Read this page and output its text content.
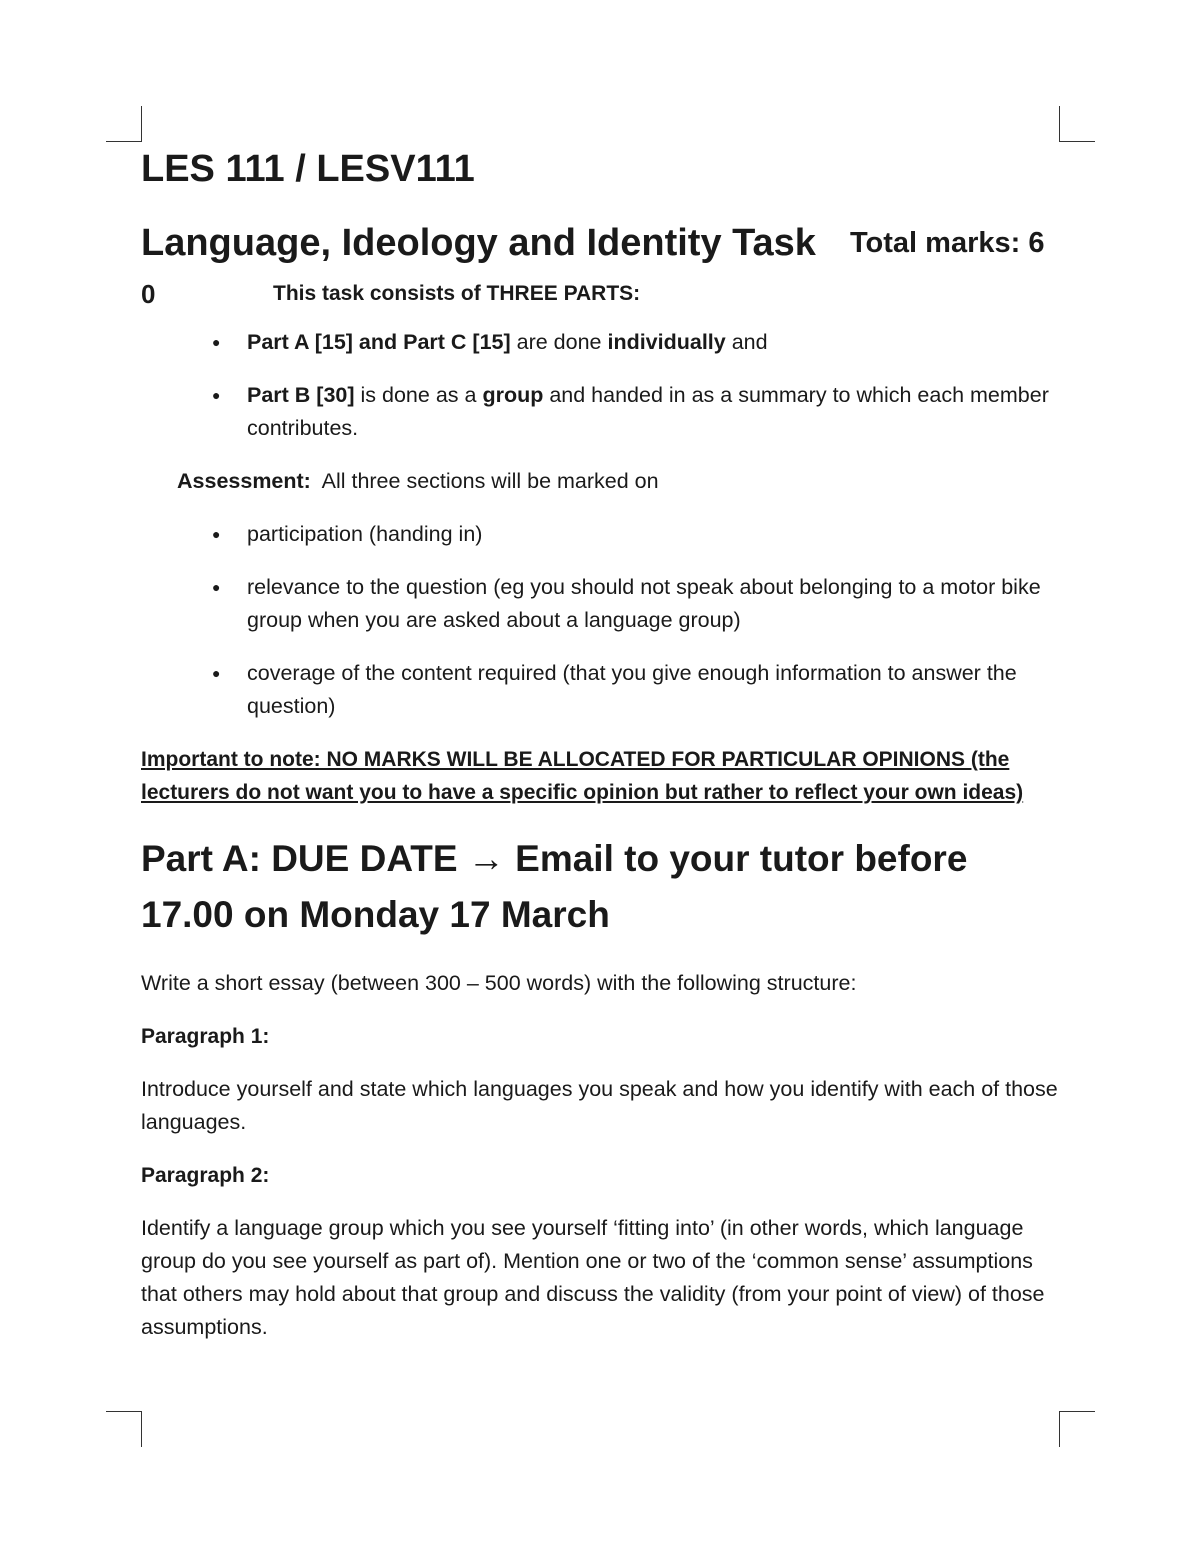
LES 111 / LESV111
Language, Ideology and Identity Task Total marks: 6
0	This task consists of THREE PARTS:
● Part A [15] and Part C [15] are done individually and
● Part B [30] is done as a group and handed in as a summary to which each member contributes.
Assessment:  All three sections will be marked on
● participation (handing in)
● relevance to the question (eg you should not speak about belonging to a motor bike group when you are asked about a language group)
● coverage of the content required (that you give enough information to answer the question)
Important to note: NO MARKS WILL BE ALLOCATED FOR PARTICULAR OPINIONS (the lecturers do not want you to have a specific opinion but rather to reflect your own ideas)
Part A: DUE DATE → Email to your tutor before 17.00 on Monday 17 March

Write a short essay (between 300 – 500 words) with the following structure:

Paragraph 1:

Introduce yourself and state which languages you speak and how you identify with each of those languages.

Paragraph 2:

Identify a language group which you see yourself ‘fitting into’ (in other words, which language group do you see yourself as part of). Mention one or two of the ‘common sense’ assumptions that others may hold about that group and discuss the validity (from your point of view) of those assumptions.
